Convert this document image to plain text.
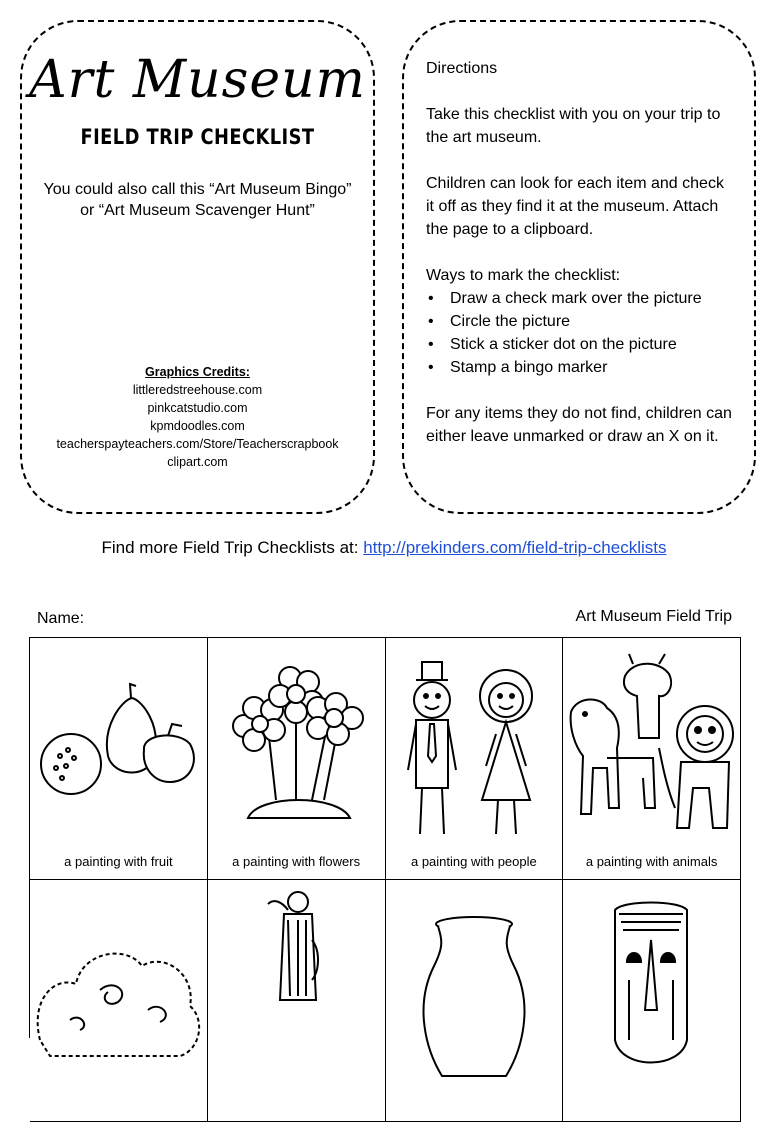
Art Museum
FIELD TRIP CHECKLIST
You could also call this “Art Museum Bingo” or “Art Museum Scavenger Hunt”
Graphics Credits:
littleredstreehouse.com
pinkcatstudio.com
kpmdoodles.com
teacherspayteachers.com/Store/Teacherscrapbook
clipart.com

Directions

Take this checklist with you on your trip to the art museum.

Children can look for each item and check it off as they find it at the museum. Attach the page to a clipboard.

Ways to mark the checklist:

• Draw a check mark over the picture
• Circle the picture
• Stick a sticker dot on the picture
• Stamp a bingo marker

For any items they do not find, children can either leave unmarked or draw an X on it.

Find more Field Trip Checklists at: http://prekinders.com/field-trip-checklists
Name:	Art Museum Field Trip
a painting with fruit	a painting with flowers	a painting with people	a painting with animals
